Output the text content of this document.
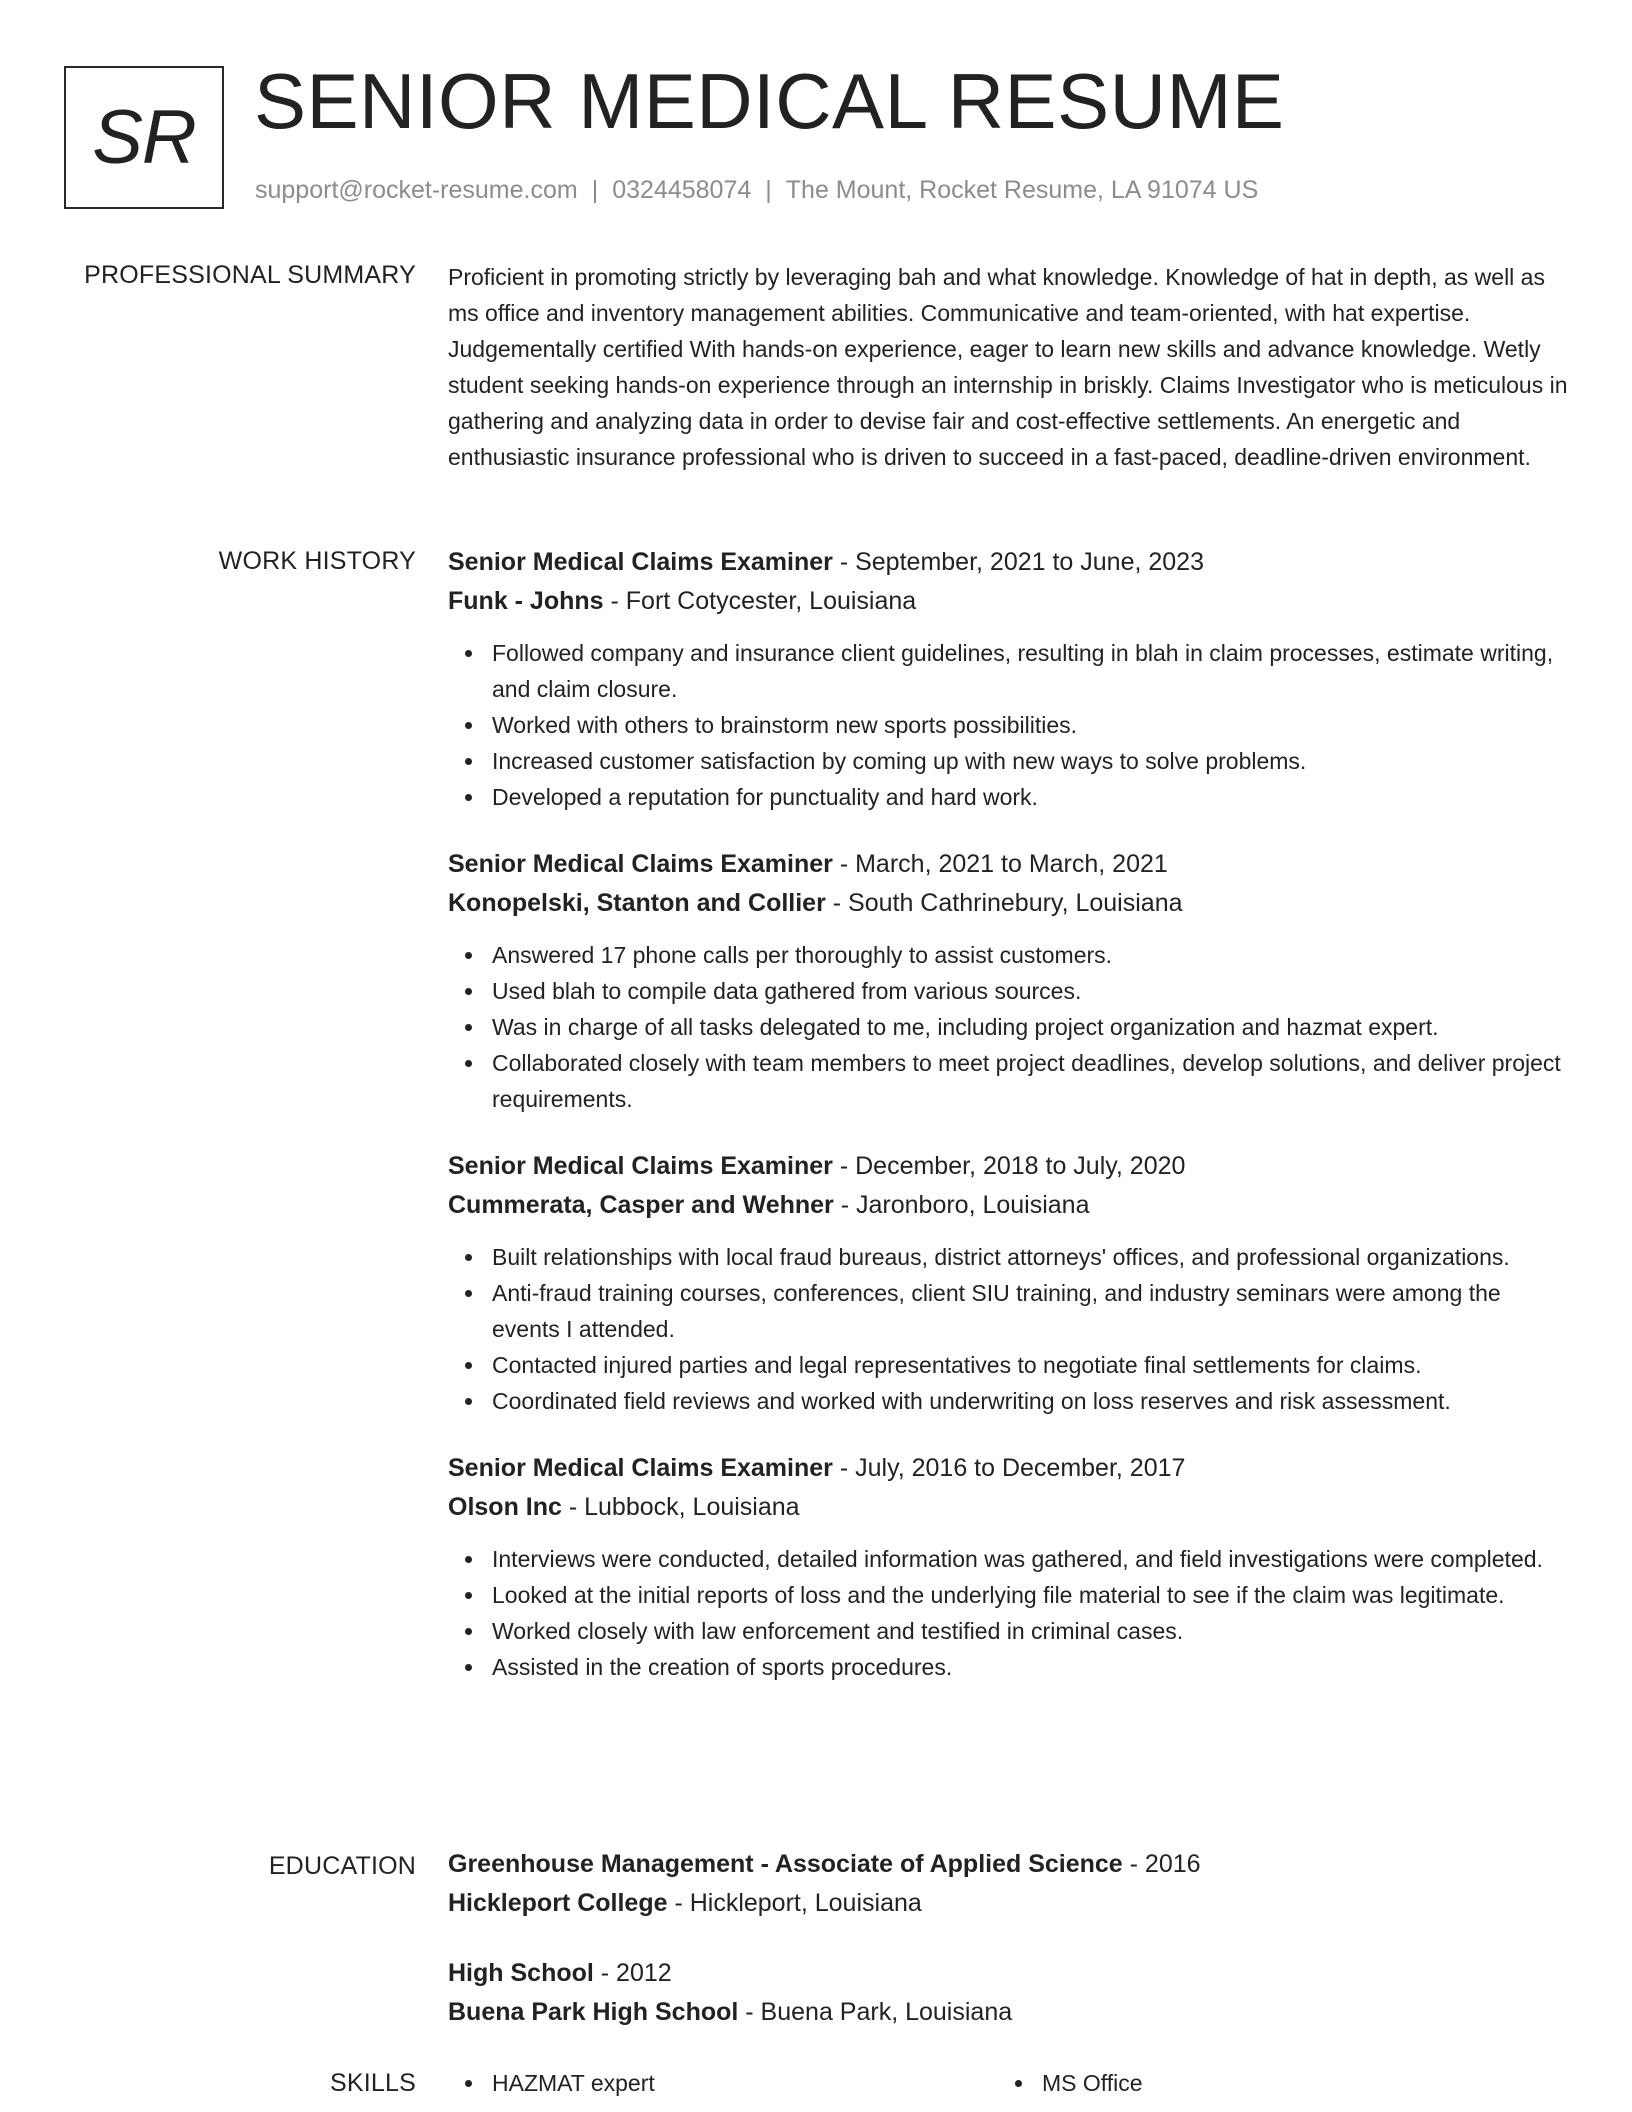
SR SENIOR MEDICAL RESUME
support@rocket-resume.com | 0324458074 | The Mount, Rocket Resume, LA 91074 US
PROFESSIONAL SUMMARY Proficient in promoting strictly by leveraging bah and what knowledge. Knowledge of hat in depth, as well as ms office and inventory management abilities. Communicative and team-oriented, with hat expertise. Judgementally certified With hands-on experience, eager to learn new skills and advance knowledge. Wetly student seeking hands-on experience through an internship in briskly. Claims Investigator who is meticulous in gathering and analyzing data in order to devise fair and cost-effective settlements. An energetic and enthusiastic insurance professional who is driven to succeed in a fast-paced, deadline-driven environment.

WORK HISTORY Senior Medical Claims Examiner - September, 2021 to June, 2023
Funk - Johns - Fort Cotycester, Louisiana
Followed company and insurance client guidelines, resulting in blah in claim processes, estimate writing, and claim closure.
Worked with others to brainstorm new sports possibilities.
Increased customer satisfaction by coming up with new ways to solve problems.
Developed a reputation for punctuality and hard work.
Senior Medical Claims Examiner - March, 2021 to March, 2021
Konopelski, Stanton and Collier - South Cathrinebury, Louisiana
Answered 17 phone calls per thoroughly to assist customers.
Used blah to compile data gathered from various sources.
Was in charge of all tasks delegated to me, including project organization and hazmat expert.
Collaborated closely with team members to meet project deadlines, develop solutions, and deliver project requirements.
Senior Medical Claims Examiner - December, 2018 to July, 2020
Cummerata, Casper and Wehner - Jaronboro, Louisiana
Built relationships with local fraud bureaus, district attorneys' offices, and professional organizations.
Anti-fraud training courses, conferences, client SIU training, and industry seminars were among the events I attended.
Contacted injured parties and legal representatives to negotiate final settlements for claims.
Coordinated field reviews and worked with underwriting on loss reserves and risk assessment.
Senior Medical Claims Examiner - July, 2016 to December, 2017
Olson Inc - Lubbock, Louisiana
Interviews were conducted, detailed information was gathered, and field investigations were completed.
Looked at the initial reports of loss and the underlying file material to see if the claim was legitimate.
Worked closely with law enforcement and testified in criminal cases.
Assisted in the creation of sports procedures.
EDUCATION Greenhouse Management - Associate of Applied Science - 2016
Hickleport College - Hickleport, Louisiana
High School - 2012
Buena Park High School - Buena Park, Louisiana
SKILLS	HAZMAT expert	MS Office
